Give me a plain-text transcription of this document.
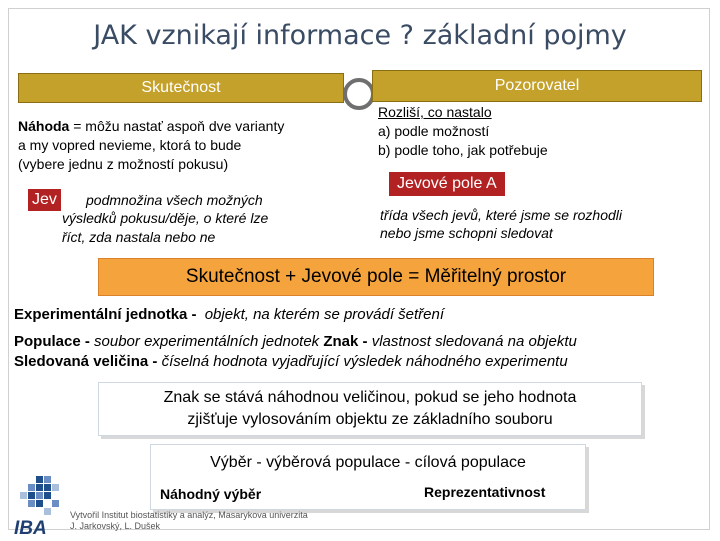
JAK vznikají informace ? základní pojmy
Skutečnost
Náhoda = môžu nastať aspoň dve varianty
a my vopred nevieme, ktorá to bude
(vybere jednu z možností pokusu)
Jev podmnožina všech možných
výsledků pokusu/děje, o které lze
říct, zda nastala nebo ne
Pozorovatel
Rozliší, co nastalo
a) podle možností
b) podle toho, jak potřebuje
Jevové pole A
třída všech jevů, které jsme se rozhodli
nebo jsme schopni sledovat
Skutečnost + Jevové pole = Měřitelný prostor
Experimentální jednotka - objekt, na kterém se provádí šetření
Populace - soubor experimentálních jednotek Znak - vlastnost sledovaná na objektu
Sledovaná veličina - číselná hodnota vyjadřující výsledek náhodného experimentu
Znak se stává náhodnou veličinou, pokud se jeho hodnota
zjišťuje vylosováním objektu ze základního souboru
Výběr - výběrová populace - cílová populace
Náhodný výběr	Reprezentativnost
IBA
Vytvořil Institut biostatistiky a analýz, Masarykova univerzita
J. Jarkovský, L. Dušek
